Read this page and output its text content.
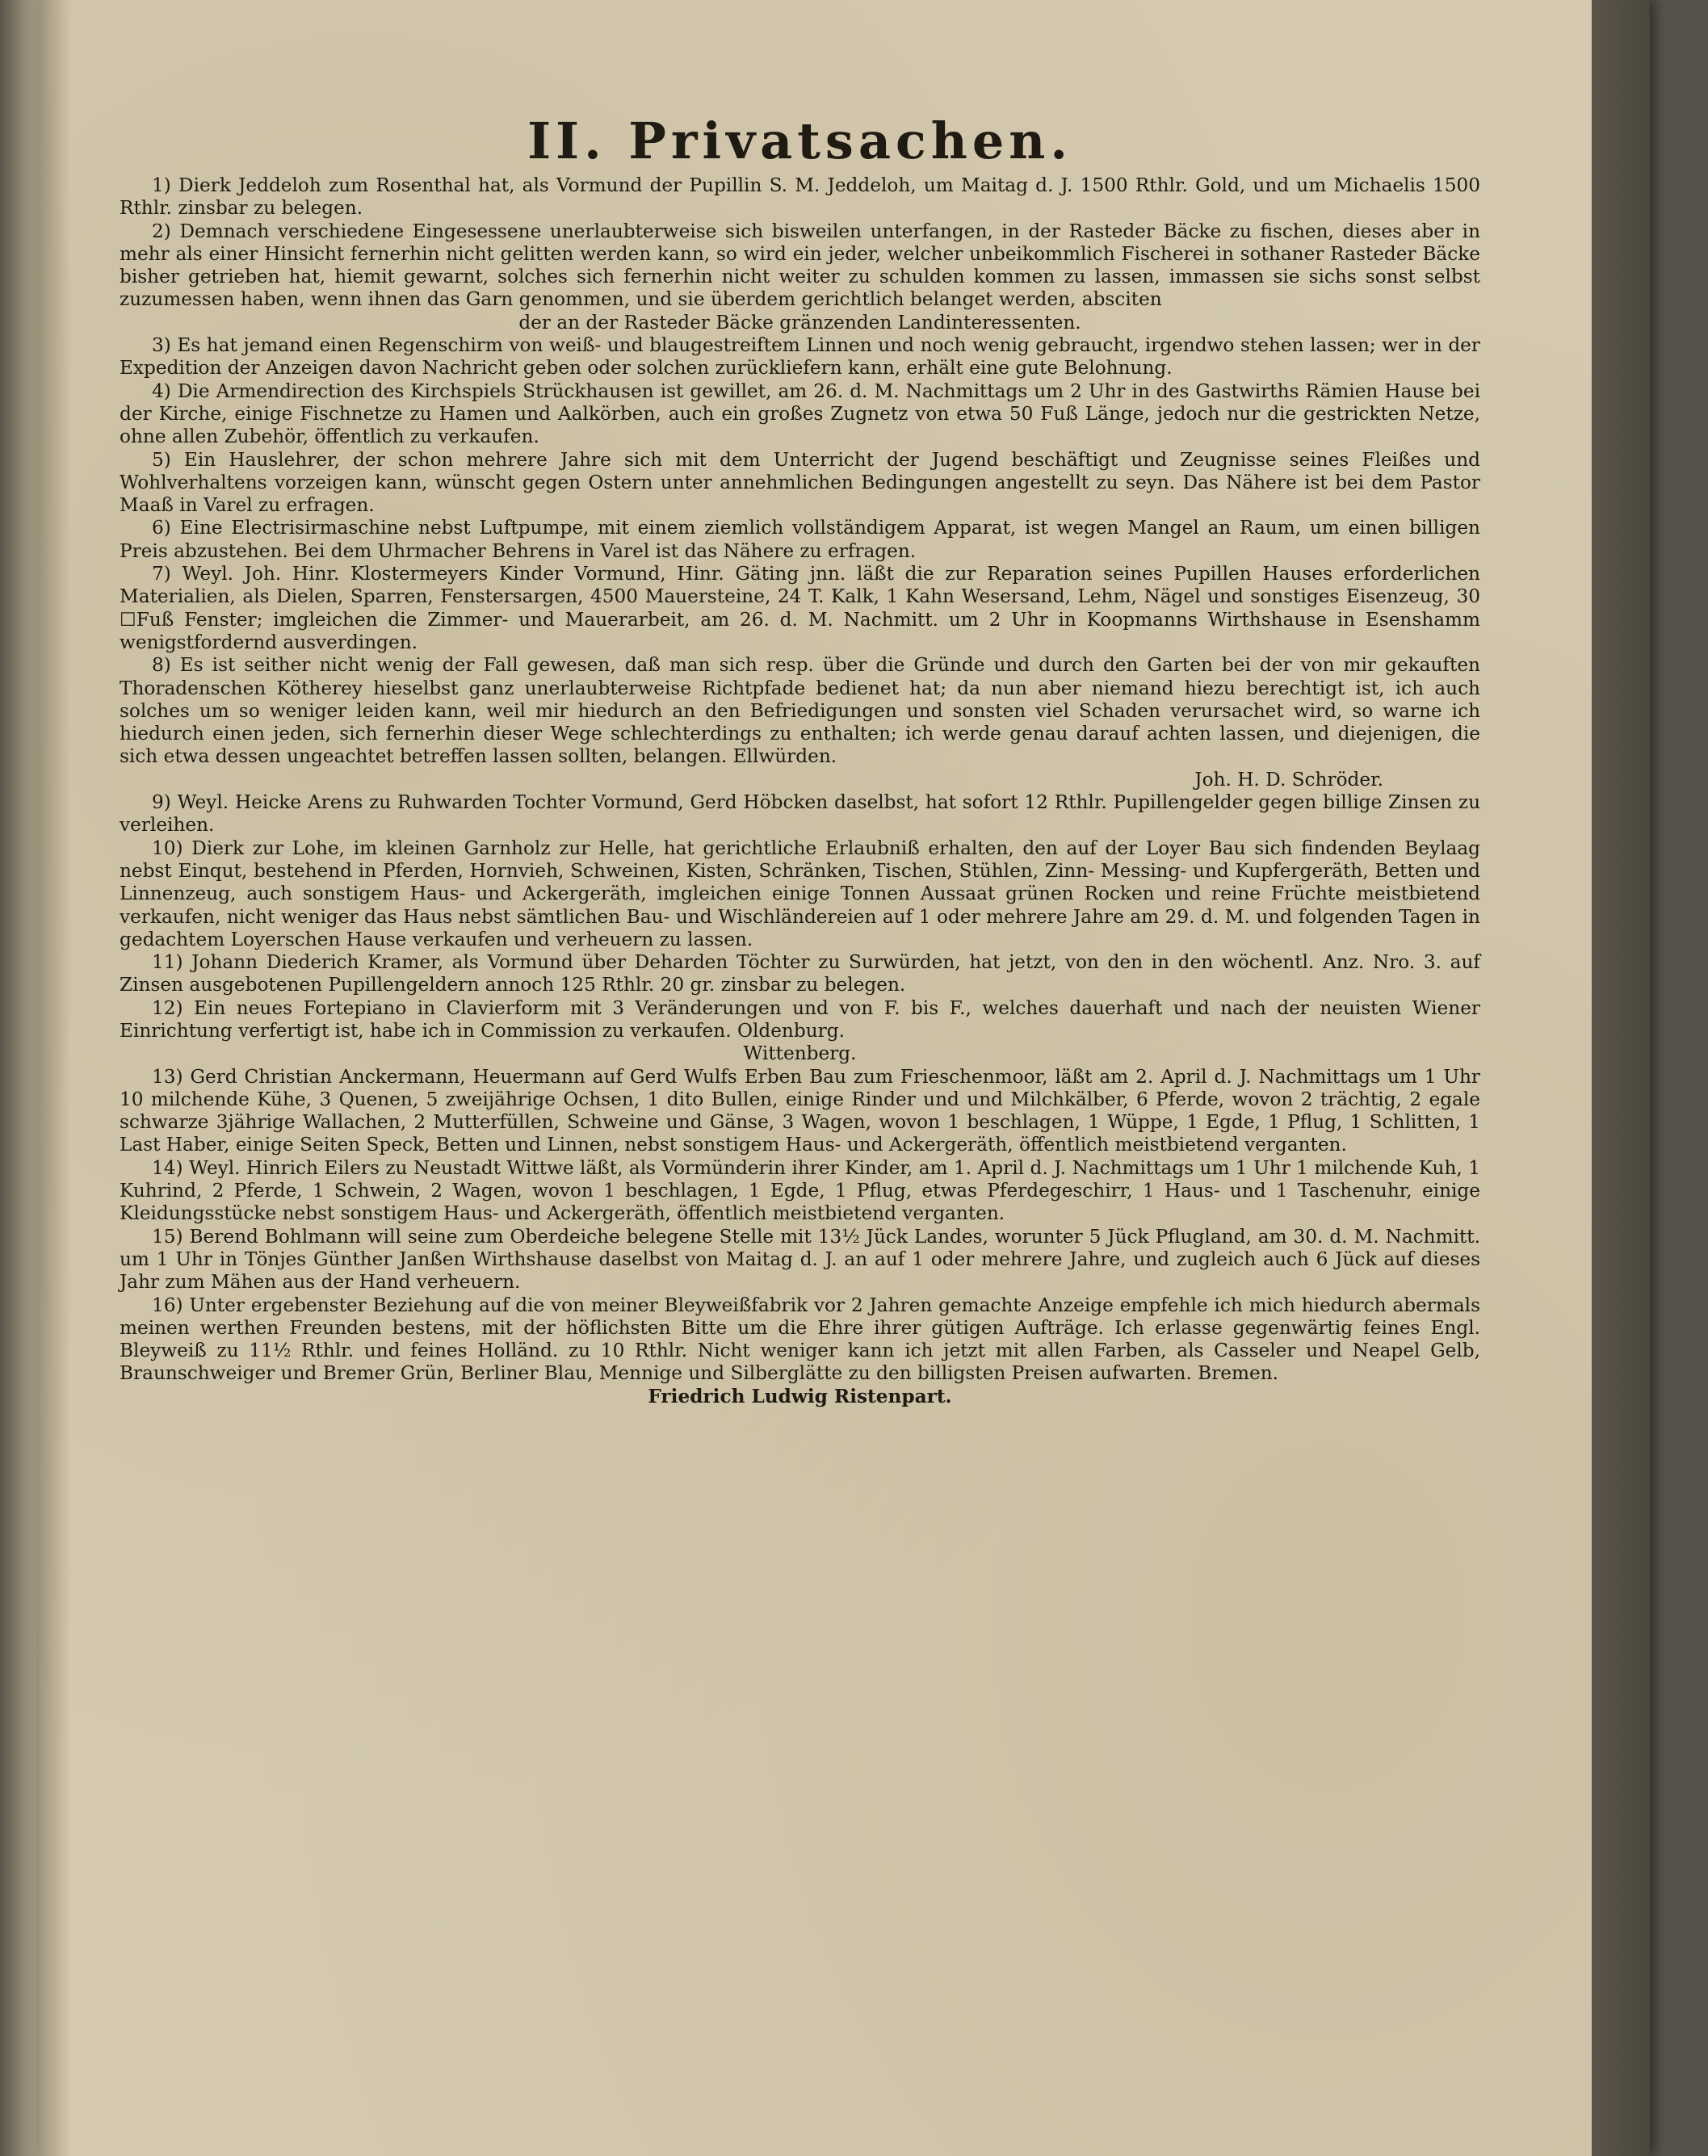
II. Privatsachen.

1) Dierk Jeddeloh zum Rosenthal hat, als Vormund der Pupillin S. M. Jeddeloh, um Maitag d. J. 1500 Rthlr. Gold, und um Michaelis 1500 Rthlr. zinsbar zu belegen.

2) Demnach verschiedene Eingesessene unerlaubterweise sich bisweilen unterfangen, in der Rasteder Bäcke zu fischen, dieses aber in mehr als einer Hinsicht fernerhin nicht gelitten werden kann, so wird ein jeder, welcher unbeikommlich Fischerei in sothaner Rasteder Bäcke bisher getrieben hat, hiemit gewarnt, solches sich fernerhin nicht weiter zu schulden kommen zu lassen, immassen sie sichs sonst selbst zuzumessen haben, wenn ihnen das Garn genommen, und sie überdem gerichtlich belanget werden, absciten

der an der Rasteder Bäcke gränzenden Landinteressenten.

3) Es hat jemand einen Regenschirm von weiß- und blaugestreiftem Linnen und noch wenig gebraucht, irgendwo stehen lassen; wer in der Expedition der Anzeigen davon Nachricht geben oder solchen zurückliefern kann, erhält eine gute Belohnung.

4) Die Armendirection des Kirchspiels Strückhausen ist gewillet, am 26. d. M. Nachmittags um 2 Uhr in des Gastwirths Rämien Hause bei der Kirche, einige Fischnetze zu Hamen und Aalkörben, auch ein großes Zugnetz von etwa 50 Fuß Länge, jedoch nur die gestrickten Netze, ohne allen Zubehör, öffentlich zu verkaufen.

5) Ein Hauslehrer, der schon mehrere Jahre sich mit dem Unterricht der Jugend beschäftigt und Zeugnisse seines Fleißes und Wohlverhaltens vorzeigen kann, wünscht gegen Ostern unter annehmlichen Bedingungen angestellt zu seyn. Das Nähere ist bei dem Pastor Maaß in Varel zu erfragen.

6) Eine Electrisirmaschine nebst Luftpumpe, mit einem ziemlich vollständigem Apparat, ist wegen Mangel an Raum, um einen billigen Preis abzustehen. Bei dem Uhrmacher Behrens in Varel ist das Nähere zu erfragen.

7) Weyl. Joh. Hinr. Klostermeyers Kinder Vormund, Hinr. Gäting jnn. läßt die zur Reparation seines Pupillen Hauses erforderlichen Materialien, als Dielen, Sparren, Fenstersargen, 4500 Mauersteine, 24 T. Kalk, 1 Kahn Wesersand, Lehm, Nägel und sonstiges Eisenzeug, 30 ☐Fuß Fenster; imgleichen die Zimmer- und Mauerarbeit, am 26. d. M. Nachmitt. um 2 Uhr in Koopmanns Wirthshause in Esenshamm wenigstfordernd ausverdingen.

8) Es ist seither nicht wenig der Fall gewesen, daß man sich resp. über die Gründe und durch den Garten bei der von mir gekauften Thoradenschen Kötherey hieselbst ganz unerlaubterweise Richtpfade bedienet hat; da nun aber niemand hiezu berechtigt ist, ich auch solches um so weniger leiden kann, weil mir hiedurch an den Befriedigungen und sonsten viel Schaden verursachet wird, so warne ich hiedurch einen jeden, sich fernerhin dieser Wege schlechterdings zu enthalten; ich werde genau darauf achten lassen, und diejenigen, die sich etwa dessen ungeachtet betreffen lassen sollten, belangen. Ellwürden.

Joh. H. D. Schröder.

9) Weyl. Heicke Arens zu Ruhwarden Tochter Vormund, Gerd Höbcken daselbst, hat sofort 12 Rthlr. Pupillengelder gegen billige Zinsen zu verleihen.

10) Dierk zur Lohe, im kleinen Garnholz zur Helle, hat gerichtliche Erlaubniß erhalten, den auf der Loyer Bau sich findenden Beylaag nebst Einqut, bestehend in Pferden, Hornvieh, Schweinen, Kisten, Schränken, Tischen, Stühlen, Zinn- Messing- und Kupfergeräth, Betten und Linnenzeug, auch sonstigem Haus- und Ackergeräth, imgleichen einige Tonnen Aussaat grünen Rocken und reine Früchte meistbietend verkaufen, nicht weniger das Haus nebst sämtlichen Bau- und Wischländereien auf 1 oder mehrere Jahre am 29. d. M. und folgenden Tagen in gedachtem Loyerschen Hause verkaufen und verheuern zu lassen.

11) Johann Diederich Kramer, als Vormund über Deharden Töchter zu Surwürden, hat jetzt, von den in den wöchentl. Anz. Nro. 3. auf Zinsen ausgebotenen Pupillengeldern annoch 125 Rthlr. 20 gr. zinsbar zu belegen.

12) Ein neues Fortepiano in Clavierform mit 3 Veränderungen und von F. bis F., welches dauerhaft und nach der neuisten Wiener Einrichtung verfertigt ist, habe ich in Commission zu verkaufen. Oldenburg.

Wittenberg.

13) Gerd Christian Anckermann, Heuermann auf Gerd Wulfs Erben Bau zum Frieschenmoor, läßt am 2. April d. J. Nachmittags um 1 Uhr 10 milchende Kühe, 3 Quenen, 5 zweijährige Ochsen, 1 dito Bullen, einige Rinder und und Milchkälber, 6 Pferde, wovon 2 trächtig, 2 egale schwarze 3jährige Wallachen, 2 Mutterfüllen, Schweine und Gänse, 3 Wagen, wovon 1 beschlagen, 1 Wüppe, 1 Egde, 1 Pflug, 1 Schlitten, 1 Last Haber, einige Seiten Speck, Betten und Linnen, nebst sonstigem Haus- und Ackergeräth, öffentlich meistbietend verganten.

14) Weyl. Hinrich Eilers zu Neustadt Wittwe läßt, als Vormünderin ihrer Kinder, am 1. April d. J. Nachmittags um 1 Uhr 1 milchende Kuh, 1 Kuhrind, 2 Pferde, 1 Schwein, 2 Wagen, wovon 1 beschlagen, 1 Egde, 1 Pflug, etwas Pferdegeschirr, 1 Haus- und 1 Taschenuhr, einige Kleidungsstücke nebst sonstigem Haus- und Ackergeräth, öffentlich meistbietend verganten.

15) Berend Bohlmann will seine zum Oberdeiche belegene Stelle mit 13½ Jück Landes, worunter 5 Jück Pflugland, am 30. d. M. Nachmitt. um 1 Uhr in Tönjes Günther Janßen Wirthshause daselbst von Maitag d. J. an auf 1 oder mehrere Jahre, und zugleich auch 6 Jück auf dieses Jahr zum Mähen aus der Hand verheuern.

16) Unter ergebenster Beziehung auf die von meiner Bleyweißfabrik vor 2 Jahren gemachte Anzeige empfehle ich mich hiedurch abermals meinen werthen Freunden bestens, mit der höflichsten Bitte um die Ehre ihrer gütigen Aufträge. Ich erlasse gegenwärtig feines Engl. Bleyweiß zu 11½ Rthlr. und feines Holländ. zu 10 Rthlr. Nicht weniger kann ich jetzt mit allen Farben, als Casseler und Neapel Gelb, Braunschweiger und Bremer Grün, Berliner Blau, Mennige und Silberglätte zu den billigsten Preisen aufwarten. Bremen.

Friedrich Ludwig Ristenpart.
